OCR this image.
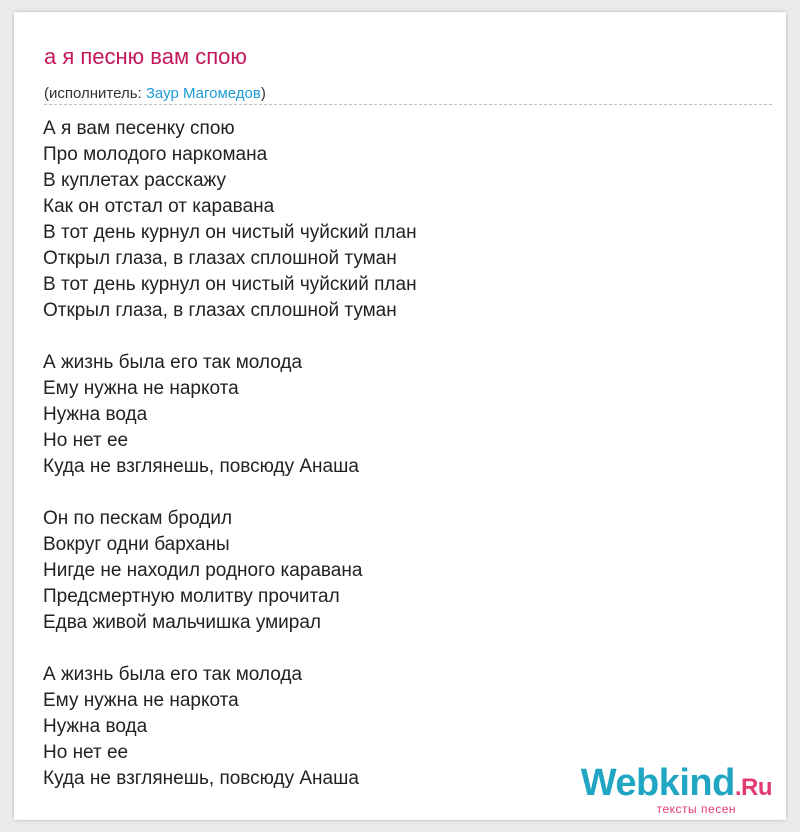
а я песню вам спою
(исполнитель: Заур Магомедов)
А я вам песенку спою
Про молодого наркомана
В куплетах расскажу
Как он отстал от каравана
В тот день курнул он чистый чуйский план
Открыл глаза, в глазах сплошной туман
В тот день курнул он чистый чуйский план
Открыл глаза, в глазах сплошной туман
А жизнь была его так молода
Ему нужна не наркота
Нужна вода
Но нет ее
Куда не взглянешь, повсюду Анаша
Он по пескам бродил
Вокруг одни барханы
Нигде не находил родного каравана
Предсмертную молитву прочитал
Едва живой мальчишка умирал
А жизнь была его так молода
Ему нужна не наркота
Нужна вода
Но нет ее
Куда не взглянешь, повсюду Анаша	Webkind.Ru
тексты песен
